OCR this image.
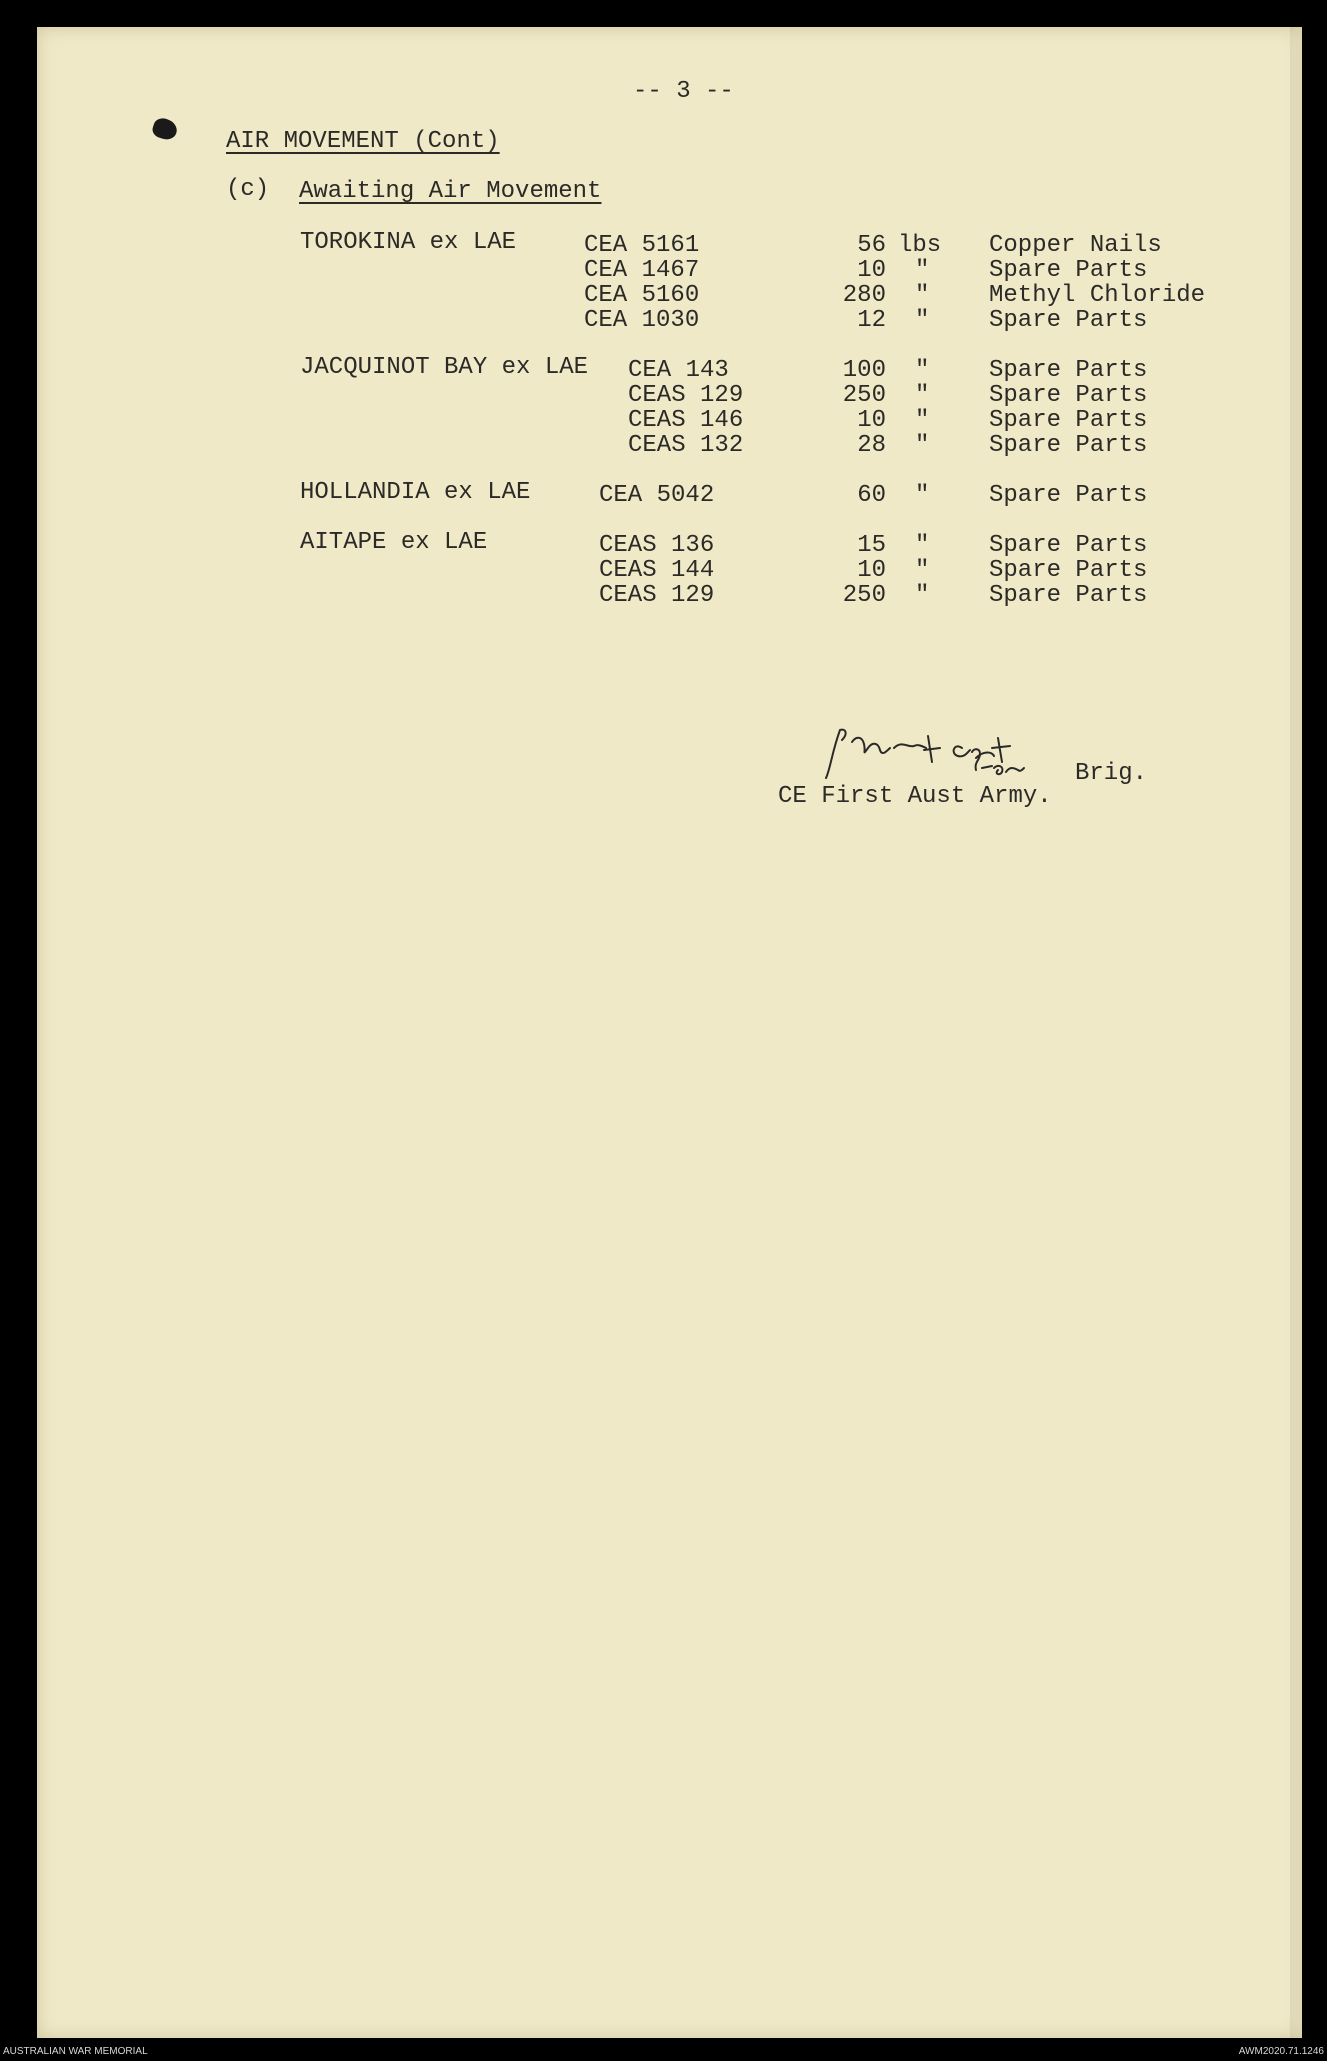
-- 3 --
AIR MOVEMENT (Cont)
(c) Awaiting Air Movement
TOROKINA ex LAE	CEA 5161	56 lbs Copper Nails
CEA 1467	10 " Spare Parts
CEA 5160	280 " Methyl Chloride
CEA 1030	12 " Spare Parts
JACQUINOT BAY ex LAE CEA 143	100 " Spare Parts
CEAS 129	250 " Spare Parts
CEAS 146	10 " Spare Parts
CEAS 132	28 " Spare Parts
HOLLANDIA ex LAE	CEA 5042	60 " Spare Parts
AITAPE ex LAE	CEAS 136	15 " Spare Parts
CEAS 144	10 " Spare Parts
CEAS 129	250 " Spare Parts
Brig.
CE First Aust Army.
AUSTRALIAN WAR MEMORIAL	AWM2020.71.1246
